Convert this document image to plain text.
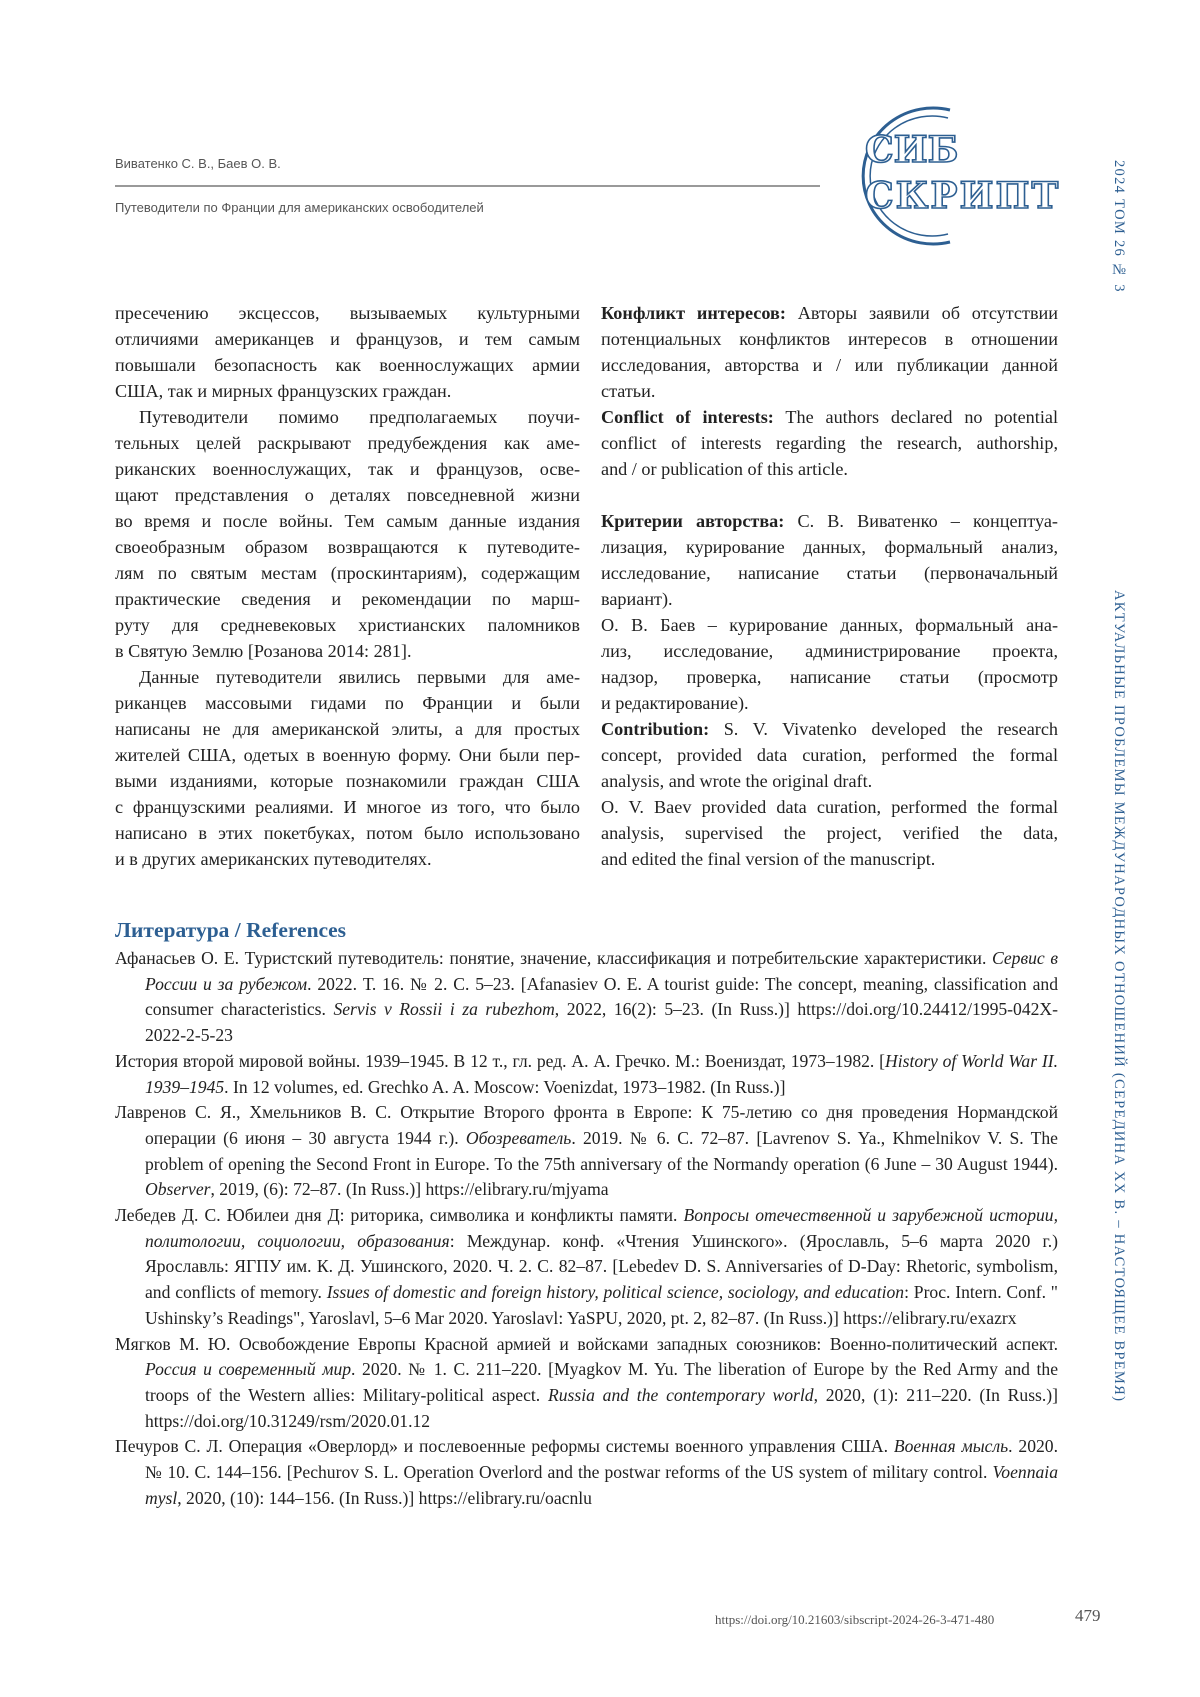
Виватенко С. В., Баев О. В.
Путеводители по Франции для американских освободителей
СИБ
СКРИПТ	2024 ТОМ 26 № 3
АКТУАЛЬНЫЕ ПРОБЛЕМЫ МЕЖДУНАРОДНЫХ ОТНОШЕНИЙ (СЕРЕДИНА XX В. – НАСТОЯЩЕЕ ВРЕМЯ)
пресечению эксцессов, вызываемых культурными
отличиями американцев и французов, и тем самым
повышали безопасность как военнослужащих армии
США, так и мирных французских граждан.
Путеводители помимо предполагаемых поучи-
тельных целей раскрывают предубеждения как аме-
риканских военнослужащих, так и французов, осве-
щают представления о деталях повседневной жизни
во время и после войны. Тем самым данные издания
своеобразным образом возвращаются к путеводите-
лям по святым местам (проскинтариям), содержащим
практические сведения и рекомендации по марш-
руту для средневековых христианских паломников
в Святую Землю [Розанова 2014: 281].
Данные путеводители явились первыми для аме-
риканцев массовыми гидами по Франции и были
написаны не для американской элиты, а для простых
жителей США, одетых в военную форму. Они были пер-
выми изданиями, которые познакомили граждан США
с французскими реалиями. И многое из того, что было
написано в этих покетбуках, потом было использовано
и в других американских путеводителях.
Конфликт интересов: Авторы заявили об отсутствии
потенциальных конфликтов интересов в отношении
исследования, авторства и / или публикации данной
статьи.
Conflict of interests: The authors declared no potential
conflict of interests regarding the research, authorship,
and / or publication of this article.
Критерии авторства: С. В. Виватенко – концептуа-
лизация, курирование данных, формальный анализ,
исследование, написание статьи (первоначальный
вариант).
О. В. Баев – курирование данных, формальный ана-
лиз, исследование, администрирование проекта,
надзор, проверка, написание статьи (просмотр
и редактирование).
Contribution: S. V. Vivatenko developed the research
concept, provided data curation, performed the formal
analysis, and wrote the original draft.
O. V. Baev provided data curation, performed the formal
analysis, supervised the project, verified the data,
and edited the final version of the manuscript.
Литература / References
Афанасьев О. Е. Туристский путеводитель: понятие, значение, классификация и потребительские характеристики. Сервис в России и за рубежом. 2022. Т. 16. № 2. С. 5–23. [Afanasiev O. E. A tourist guide: The concept, meaning, classification and consumer characteristics. Servis v Rossii i za rubezhom, 2022, 16(2): 5–23. (In Russ.)] https://doi.org/10.24412/1995-042X-2022-2-5-23
История второй мировой войны. 1939–1945. В 12 т., гл. ред. А. А. Гречко. М.: Воениздат, 1973–1982. [History of World War II. 1939–1945. In 12 volumes, ed. Grechko A. A. Moscow: Voenizdat, 1973–1982. (In Russ.)]
Лавренов С. Я., Хмельников В. С. Открытие Второго фронта в Европе: К 75-летию со дня проведения Нормандской операции (6 июня – 30 августа 1944 г.). Обозреватель. 2019. № 6. С. 72–87. [Lavrenov S. Ya., Khmelnikov V. S. The problem of opening the Second Front in Europe. To the 75th anniversary of the Normandy operation (6 June – 30 August 1944). Observer, 2019, (6): 72–87. (In Russ.)] https://elibrary.ru/mjyama
Лебедев Д. С. Юбилеи дня Д: риторика, символика и конфликты памяти. Вопросы отечественной и зарубежной истории, политологии, социологии, образования: Междунар. конф. «Чтения Ушинского». (Ярославль, 5–6 марта 2020 г.) Ярославль: ЯГПУ им. К. Д. Ушинского, 2020. Ч. 2. С. 82–87. [Lebedev D. S. Anniversaries of D-Day: Rhetoric, symbolism, and conflicts of memory. Issues of domestic and foreign history, political science, sociology, and education: Proc. Intern. Conf. " Ushinsky’s Readings", Yaroslavl, 5–6 Mar 2020. Yaroslavl: YaSPU, 2020, pt. 2, 82–87. (In Russ.)] https://elibrary.ru/exazrx
Мягков М. Ю. Освобождение Европы Красной армией и войсками западных союзников: Военно-политический аспект. Россия и современный мир. 2020. № 1. С. 211–220. [Myagkov M. Yu. The liberation of Europe by the Red Army and the troops of the Western allies: Military-political aspect. Russia and the contemporary world, 2020, (1): 211–220. (In Russ.)] https://doi.org/10.31249/rsm/2020.01.12
Печуров С. Л. Операция «Оверлорд» и послевоенные реформы системы военного управления США. Военная мысль. 2020. № 10. С. 144–156. [Pechurov S. L. Operation Overlord and the postwar reforms of the US system of military control. Voennaia mysl, 2020, (10): 144–156. (In Russ.)] https://elibrary.ru/oacnlu
https://doi.org/10.21603/sibscript-2024-26-3-471-480	479
